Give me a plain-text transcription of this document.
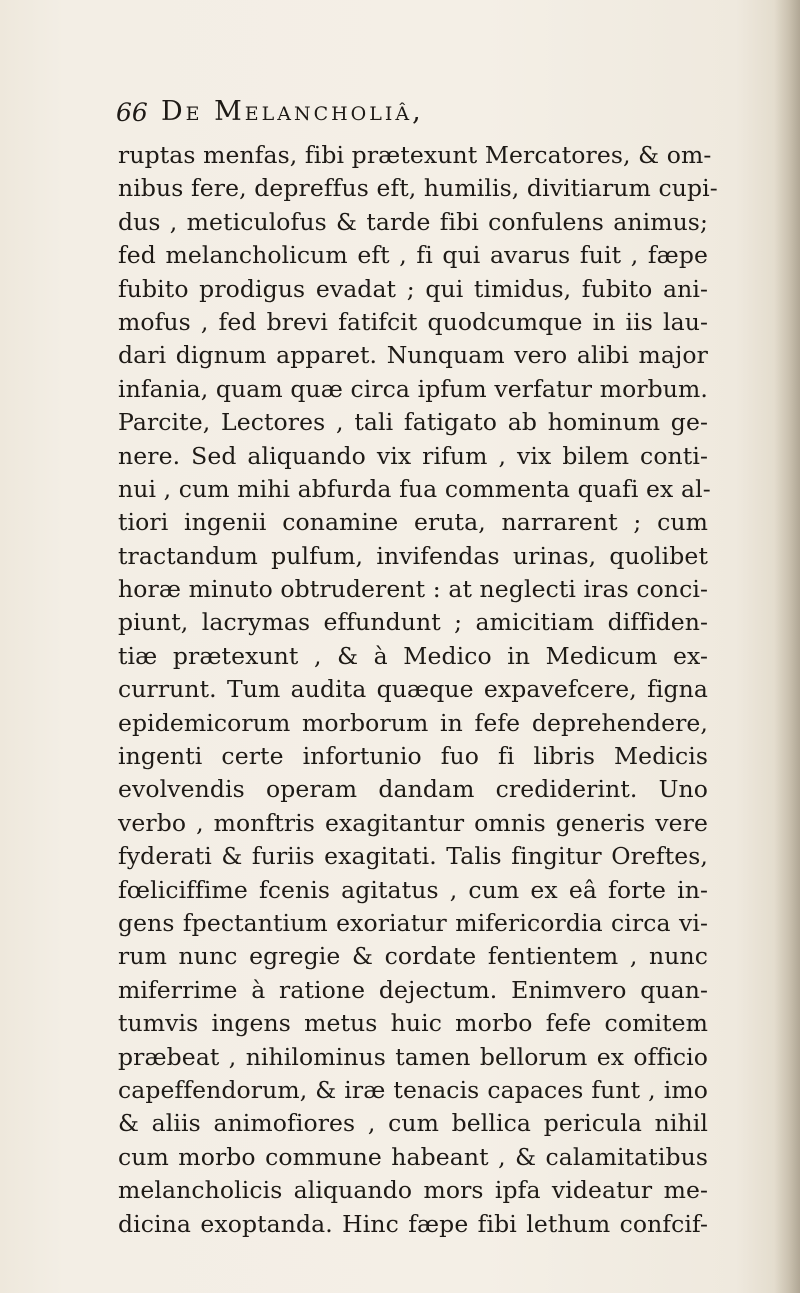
66 De Melancholiâ,
ruptas menfas, fibi prætexunt Mercatores, & om-
nibus fere, depreffus eft, humilis, divitiarum cupi-
dus , meticulofus & tarde fibi confulens animus;
fed melancholicum eft , fi qui avarus fuit , fæpe
fubito prodigus evadat ; qui timidus, fubito ani-
mofus , fed brevi fatifcit quodcumque in iis lau-
dari dignum apparet. Nunquam vero alibi major
infania, quam quæ circa ipfum verfatur morbum.
Parcite, Lectores , tali fatigato ab hominum ge-
nere. Sed aliquando vix rifum , vix bilem conti-
nui , cum mihi abfurda fua commenta quafi ex al-
tiori ingenii conamine eruta, narrarent ; cum
tractandum pulfum, invifendas urinas, quolibet
horæ minuto obtruderent : at neglecti iras conci-
piunt, lacrymas effundunt ; amicitiam diffiden-
tiæ prætexunt , & à Medico in Medicum ex-
currunt. Tum audita quæque expavefcere, figna
epidemicorum morborum in fefe deprehendere,
ingenti certe infortunio fuo fi libris Medicis
evolvendis operam dandam crediderint. Uno
verbo , monftris exagitantur omnis generis vere
fyderati & furiis exagitati. Talis fingitur Oreftes,
fœliciffime fcenis agitatus , cum ex eâ forte in-
gens fpectantium exoriatur mifericordia circa vi-
rum nunc egregie & cordate fentientem , nunc
miferrime à ratione dejectum. Enimvero quan-
tumvis ingens metus huic morbo fefe comitem
præbeat , nihilominus tamen bellorum ex officio
capeffendorum, & iræ tenacis capaces funt , imo
& aliis animofiores , cum bellica pericula nihil
cum morbo commune habeant , & calamitatibus
melancholicis aliquando mors ipfa videatur me-
dicina exoptanda. Hinc fæpe fibi lethum confcif-
